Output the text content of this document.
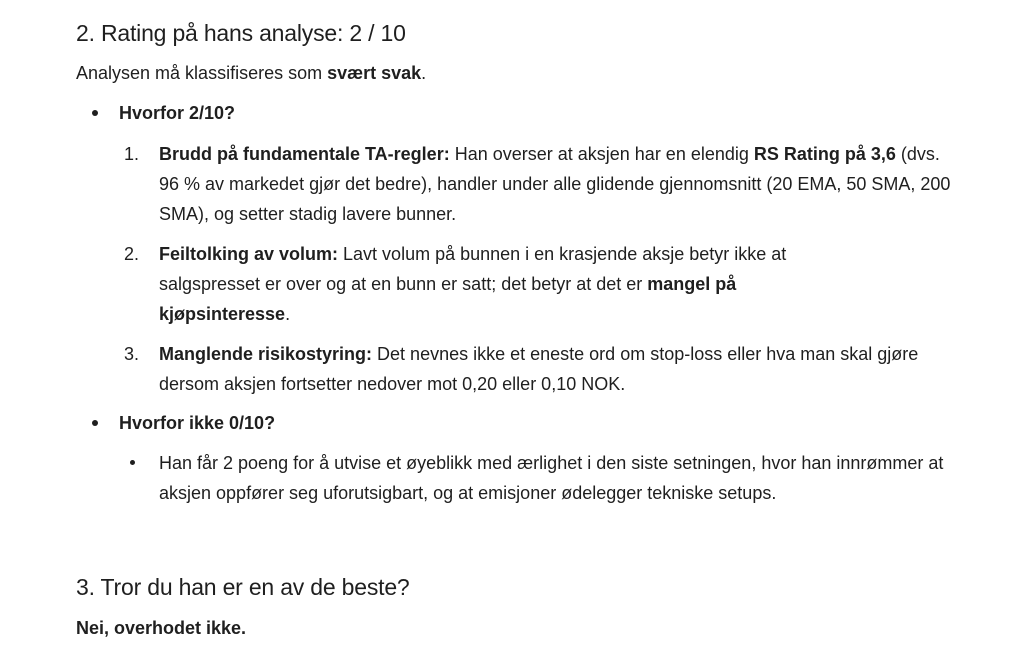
2. Rating på hans analyse: 2 / 10

Analysen må klassifiseres som svært svak.

Hvorfor 2/10?

1. Brudd på fundamentale TA-regler: Han overser at aksjen har en elendig RS Rating på 3,6 (dvs. 96 % av markedet gjør det bedre), handler under alle glidende gjennomsnitt (20 EMA, 50 SMA, 200 SMA), og setter stadig lavere bunner.
2. Feiltolking av volum: Lavt volum på bunnen i en krasjende aksje betyr ikke at salgspresset er over og at en bunn er satt; det betyr at det er mangel på kjøpsinteresse.
3. Manglende risikostyring: Det nevnes ikke et eneste ord om stop-loss eller hva man skal gjøre dersom aksjen fortsetter nedover mot 0,20 eller 0,10 NOK.

Hvorfor ikke 0/10?

Han får 2 poeng for å utvise et øyeblikk med ærlighet i den siste setningen, hvor han innrømmer at aksjen oppfører seg uforutsigbart, og at emisjoner ødelegger tekniske setups.
3. Tror du han er en av de beste?

Nei, overhodet ikke.
